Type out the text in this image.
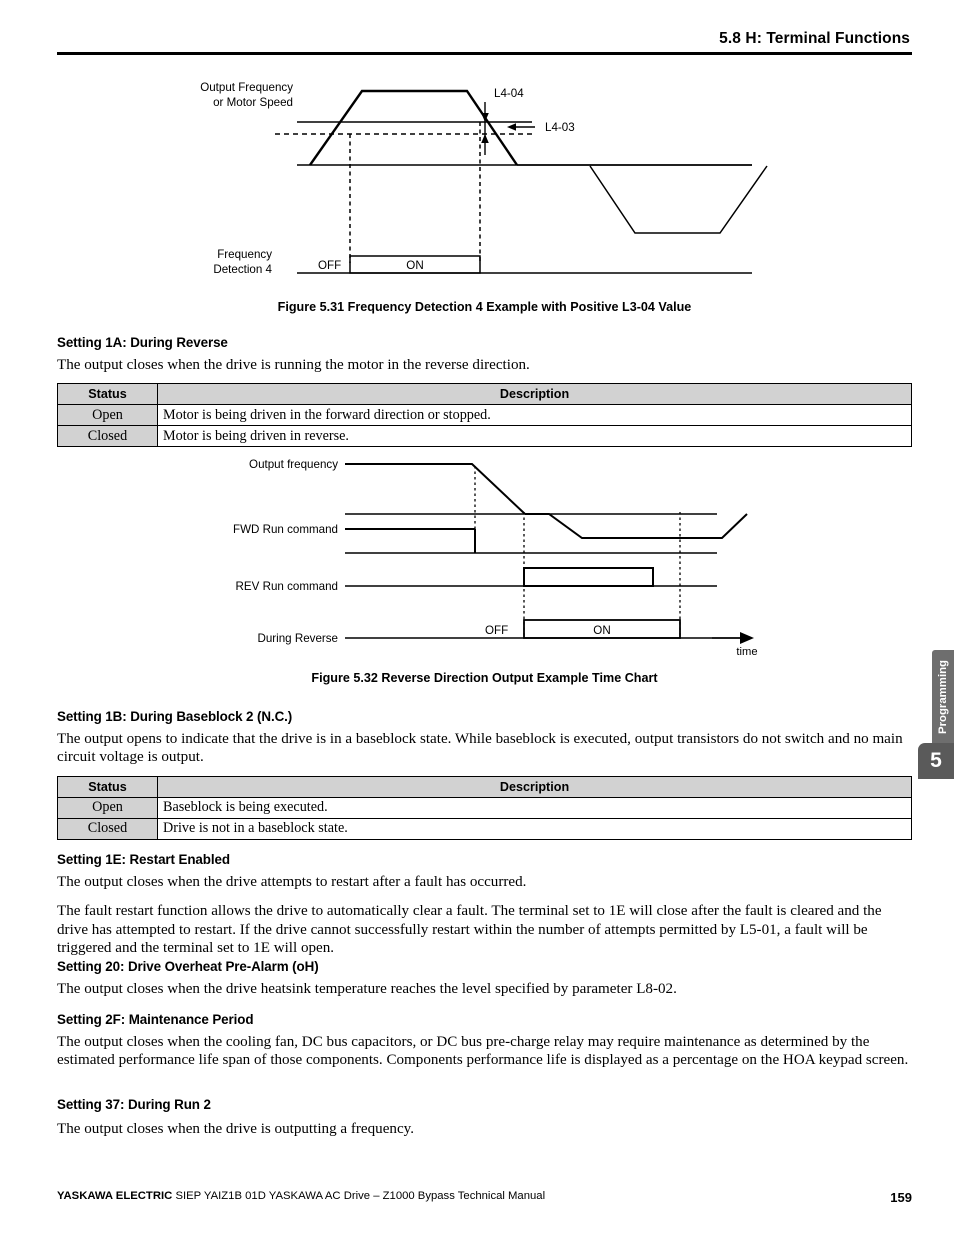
5.8 H: Terminal Functions
Output Frequency
or Motor Speed
L4-04
L4-03
Frequency
Detection 4	OFF	ON
Figure 5.31 Frequency Detection 4 Example with Positive L3-04 Value
Setting 1A: During Reverse
The output closes when the drive is running the motor in the reverse direction.
Status	Description
Open	Motor is being driven in the forward direction or stopped.
Closed	Motor is being driven in reverse.
Output frequency
FWD Run command
REV Run command
During Reverse
OFF	ON
time
Figure 5.32 Reverse Direction Output Example Time Chart
Setting 1B: During Baseblock 2 (N.C.)
The output opens to indicate that the drive is in a baseblock state. While baseblock is executed, output transistors do not switch and no main circuit voltage is output.
Status	Description
Open	Baseblock is being executed.
Closed	Drive is not in a baseblock state.
Setting 1E: Restart Enabled
The output closes when the drive attempts to restart after a fault has occurred.
The fault restart function allows the drive to automatically clear a fault. The terminal set to 1E will close after the fault is cleared and the drive has attempted to restart. If the drive cannot successfully restart within the number of attempts permitted by L5-01, a fault will be triggered and the terminal set to 1E will open.
Setting 20: Drive Overheat Pre-Alarm (oH)
The output closes when the drive heatsink temperature reaches the level specified by parameter L8-02.
Setting 2F: Maintenance Period
The output closes when the cooling fan, DC bus capacitors, or DC bus pre-charge relay may require maintenance as determined by the estimated performance life span of those components. Components performance life is displayed as a percentage on the HOA keypad screen.
Setting 37: During Run 2
The output closes when the drive is outputting a frequency.
Programming
5
YASKAWA ELECTRIC SIEP YAIZ1B 01D YASKAWA AC Drive – Z1000 Bypass Technical Manual	159
